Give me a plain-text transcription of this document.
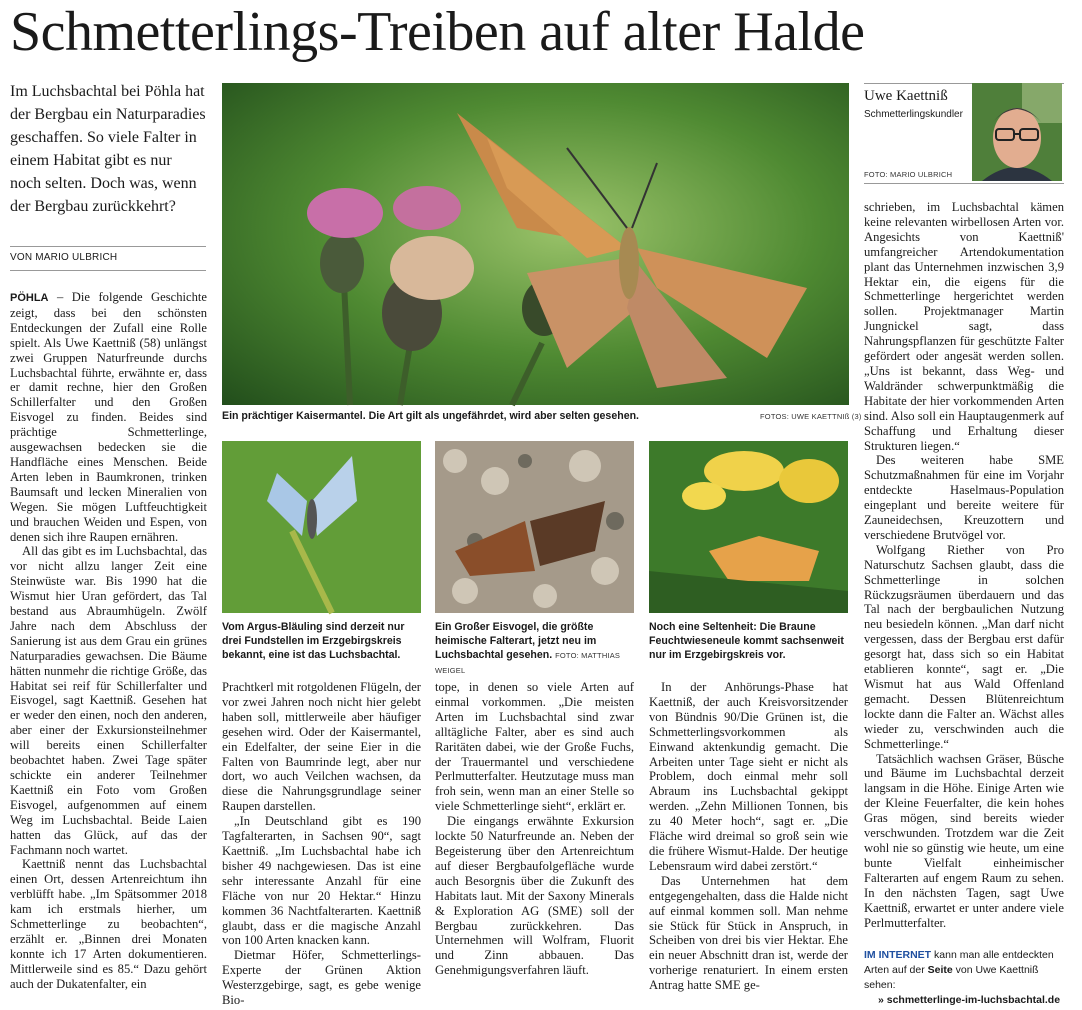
Schmetterlings-Treiben auf alter Halde
Im Luchsbachtal bei Pöhla hat der Bergbau ein Naturparadies geschaffen. So viele Falter in einem Habitat gibt es nur noch selten. Doch was, wenn der Bergbau zurückkehrt?
VON MARIO ULBRICH

PÖHLA – Die folgende Geschichte zeigt, dass bei den schönsten Entdeckungen der Zufall eine Rolle spielt. Als Uwe Kaettniß (58) unlängst zwei Gruppen Naturfreunde durchs Luchsbachtal führte, erwähnte er, dass er damit rechne, hier den Großen Schillerfalter und den Großen Eisvogel zu finden. Beides sind prächtige Schmetterlinge, ausgewachsen bedecken sie die Handfläche eines Menschen. Beide Arten leben in Baumkronen, trinken Baumsaft und lecken Mineralien von Wegen. Sie mögen Luftfeuchtigkeit und brauchen Weiden und Espen, von denen sich ihre Raupen ernähren.

All das gibt es im Luchsbachtal, das vor nicht allzu langer Zeit eine Steinwüste war. Bis 1990 hat die Wismut hier Uran gefördert, das Tal bestand aus Abraumhügeln. Zwölf Jahre nach dem Abschluss der Sanierung ist aus dem Grau ein grünes Naturparadies gewachsen. Die Bäume hätten nunmehr die richtige Größe, das Habitat sei reif für Schillerfalter und Eisvogel, sagt Kaettniß. Gesehen hat er weder den einen, noch den anderen, aber einer der Exkursionsteilnehmer will bereits einen Schillerfalter beobachtet haben. Zwei Tage später schickte ein anderer Teilnehmer Kaettniß ein Foto vom Großen Eisvogel, aufgenommen auf einem Weg im Luchsbachtal. Beide Laien hatten das Glück, auf das der Fachmann noch wartet.

Kaettniß nennt das Luchsbachtal einen Ort, dessen Artenreichtum ihn verblüfft habe. „Im Spätsommer 2018 kam ich erstmals hierher, um Schmetterlinge zu beobachten“, erzählt er. „Binnen drei Monaten konnte ich 17 Arten dokumentieren. Mittlerweile sind es 85.“ Dazu gehört auch der Dukatenfalter, ein

Ein prächtiger Kaisermantel. Die Art gilt als ungefährdet, wird aber selten gesehen.	FOTOS: UWE KAETTNIß (3)
Vom Argus-Bläuling sind derzeit nur drei Fundstellen im Erzgebirgskreis bekannt, eine ist das Luchsbachtal.
Ein Großer Eisvogel, die größte heimische Falterart, jetzt neu im Luchsbachtal gesehen. FOTO: MATTHIAS WEIGEL
Noch eine Seltenheit: Die Braune Feuchtwieseneule kommt sachsenweit nur im Erzgebirgskreis vor.

Prachtkerl mit rotgoldenen Flügeln, der vor zwei Jahren noch nicht hier gelebt haben soll, mittlerweile aber häufiger gesehen wird. Oder der Kaisermantel, ein Edelfalter, der seine Eier in die Falten von Baumrinde legt, aber nur dort, wo auch Veilchen wachsen, da diese die Nahrungsgrundlage seiner Raupen darstellen.

„In Deutschland gibt es 190 Tagfalterarten, in Sachsen 90“, sagt Kaettniß. „Im Luchsbachtal habe ich bisher 49 nachgewiesen. Das ist eine sehr interessante Anzahl für eine Fläche von nur 20 Hektar.“ Hinzu kommen 36 Nachtfalterarten. Kaettniß glaubt, dass er die magische Anzahl von 100 Arten knacken kann.

Dietmar Höfer, Schmetterlings-Experte der Grünen Aktion Westerzgebirge, sagt, es gebe wenige Bio-

tope, in denen so viele Arten auf einmal vorkommen. „Die meisten Arten im Luchsbachtal sind zwar alltägliche Falter, aber es sind auch Raritäten dabei, wie der Große Fuchs, der Trauermantel und verschiedene Perlmutterfalter. Heutzutage muss man froh sein, wenn man an einer Stelle so viele Schmetterlinge sieht“, erklärt er.

Die eingangs erwähnte Exkursion lockte 50 Naturfreunde an. Neben der Begeisterung über den Artenreichtum auf dieser Bergbaufolgefläche wurde auch Besorgnis über die Zukunft des Habitats laut. Mit der Saxony Minerals & Exploration AG (SME) soll der Bergbau zurückkehren. Das Unternehmen will Wolfram, Fluorit und Zinn abbauen. Das Genehmigungsverfahren läuft.

In der Anhörungs-Phase hat Kaettniß, der auch Kreisvorsitzender von Bündnis 90/Die Grünen ist, die Schmetterlingsvorkommen als Einwand aktenkundig gemacht. Die Arbeiten unter Tage sieht er nicht als Problem, doch einmal mehr soll Abraum ins Luchsbachtal gekippt werden. „Zehn Millionen Tonnen, bis zu 40 Meter hoch“, sagt er. „Die Fläche wird dreimal so groß sein wie die frühere Wismut-Halde. Der heutige Lebensraum wird dabei zerstört.“

Das Unternehmen hat dem entgegengehalten, dass die Halde nicht auf einmal kommen soll. Man nehme sie Stück für Stück in Anspruch, in Scheiben von drei bis vier Hektar. Ehe ein neuer Abschnitt dran ist, werde der vorherige renaturiert. In einem ersten Antrag hatte SME ge-

Uwe Kaettniß
Schmetterlingskundler
FOTO: MARIO ULBRICH

schrieben, im Luchsbachtal kämen keine relevanten wirbellosen Arten vor. Angesichts von Kaettniß' umfangreicher Artendokumentation plant das Unternehmen inzwischen 3,9 Hektar ein, die eigens für die Schmetterlinge hergerichtet werden sollen. Projektmanager Martin Jungnickel sagt, dass Nahrungspflanzen für geschützte Falter gefördert oder angesät werden sollen. „Uns ist bekannt, dass Weg- und Waldränder schwerpunktmäßig die Habitate der hier vorkommenden Arten sind. Also soll ein Hauptaugenmerk auf Schaffung und Erhaltung dieser Strukturen liegen.“

Des weiteren habe SME Schutzmaßnahmen für eine im Vorjahr entdeckte Haselmaus-Population eingeplant und bereite weitere für Zauneidechsen, Kreuzottern und verschiedene Brutvögel vor.

Wolfgang Riether von Pro Naturschutz Sachsen glaubt, dass die Schmetterlinge in solchen Rückzugsräumen überdauern und das Tal nach der bergbaulichen Nutzung neu besiedeln können. „Man darf nicht vergessen, dass der Bergbau erst dafür gesorgt hat, dass sich so ein Habitat etablieren konnte“, sagt er. „Die Wismut hat aus Wald Offenland gemacht. Dessen Blütenreichtum lockte dann die Falter an. Wächst alles wieder zu, verschwinden auch die Schmetterlinge.“

Tatsächlich wachsen Gräser, Büsche und Bäume im Luchsbachtal derzeit langsam in die Höhe. Einige Arten wie der Kleine Feuerfalter, die kein hohes Gras mögen, sind bereits wieder verschwunden. Trotzdem war die Zeit wohl nie so günstig wie heute, um eine bunte Vielfalt einheimischer Falterarten auf engem Raum zu sehen. In den nächsten Tagen, sagt Uwe Kaettniß, erwartet er unter andere viele Perlmutterfalter.

IM INTERNET kann man alle entdeckten Arten auf der Seite von Uwe Kaettniß sehen:
» schmetterlinge-im-luchsbachtal.de
